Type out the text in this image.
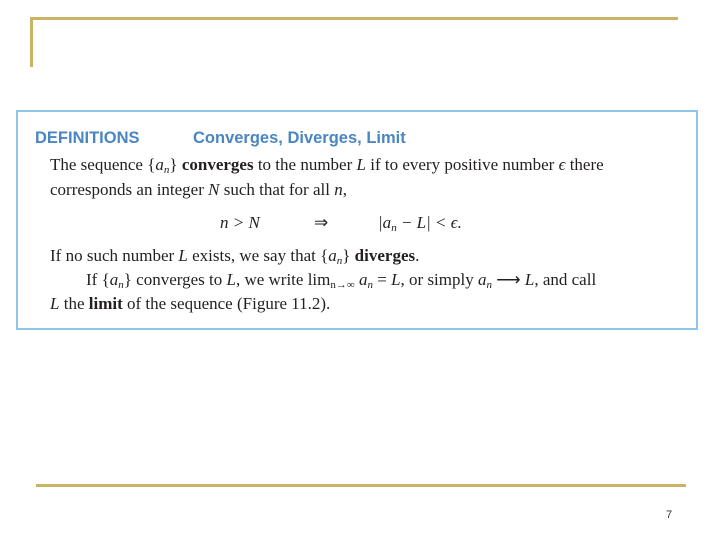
DEFINITIONS	Converges, Diverges, Limit
The sequence $\{a_n\}$ converges to the number L if to every positive number ϵ there
corresponds an integer N such that for all n,
n > N	⇒	$|a_n - L| < \epsilon$.
If no such number L exists, we say that $\{a_n\}$ diverges.
If $\{a_n\}$ converges to L, we write $\lim_{n\to\infty} a_n = L$, or simply $a_n$ ⟶ L, and call
L the limit of the sequence (Figure 11.2).
7
